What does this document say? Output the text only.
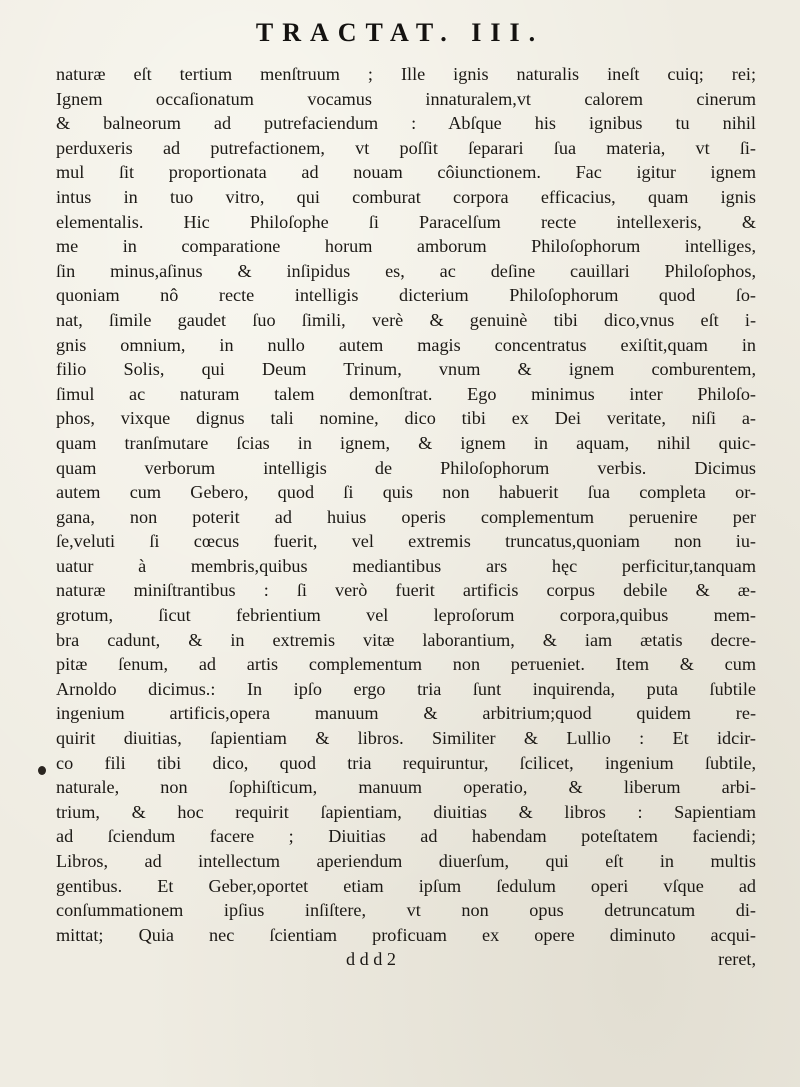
TRACTAT. III.
naturæ eſt tertium menſtruum ; Ille ignis naturalis ineſt cuiq; rei;
Ignem occaſionatum vocamus innaturalem,vt calorem cinerum
& balneorum ad putrefaciendum : Abſque his ignibus tu nihil
perduxeris ad putrefactionem, vt poſſit ſeparari ſua materia, vt ſi-
mul ſit proportionata ad nouam côiunctionem. Fac igitur ignem
intus in tuo vitro, qui comburat corpora efficacius, quam ignis
elementalis. Hic Philoſophe ſi Paracelſum recte intellexeris, &
me in comparatione horum amborum Philoſophorum intelliges,
ſin minus,aſinus & inſipidus es, ac deſine cauillari Philoſophos,
quoniam nô recte intelligis dicterium Philoſophorum quod ſo-
nat, ſimile gaudet ſuo ſimili, verè & genuinè tibi dico,vnus eſt i-
gnis omnium, in nullo autem magis concentratus exiſtit,quam in
filio Solis, qui Deum Trinum, vnum & ignem comburentem,
ſimul ac naturam talem demonſtrat. Ego minimus inter Philoſo-
phos, vixque dignus tali nomine, dico tibi ex Dei veritate, niſi a-
quam tranſmutare ſcias in ignem, & ignem in aquam, nihil quic-
quam verborum intelligis de Philoſophorum verbis. Dicimus
autem cum Gebero, quod ſi quis non habuerit ſua completa or-
gana, non poterit ad huius operis complementum peruenire per
ſe,veluti ſi cœcus fuerit, vel extremis truncatus,quoniam non iu-
uatur à membris,quibus mediantibus ars hęc perficitur,tanquam
naturæ miniſtrantibus : ſi verò fuerit artificis corpus debile & æ-
grotum, ſicut febrientium vel leproſorum corpora,quibus mem-
bra cadunt, & in extremis vitæ laborantium, & iam ætatis decre-
pitæ ſenum, ad artis complementum non peтueniet. Item & cum
Arnoldo dicimus.: In ipſo ergo tria ſunt inquirenda, puta ſubtile
ingenium artificis,opera manuum & arbitrium;quod quidem re-
quirit diuitias, ſapientiam & libros. Similiter & Lullio : Et idcir-
co fili tibi dico, quod tria requiruntur, ſcilicet, ingenium ſubtile,
naturale, non ſophiſticum, manuum operatio, & liberum arbi-
trium, & hoc requirit ſapientiam, diuitias & libros : Sapientiam
ad ſciendum facere ; Diuitias ad habendam poteſtatem faciendi;
Libros, ad intellectum aperiendum diuerſum, qui eſt in multis
gentibus. Et Geber,oportet etiam ipſum ſedulum operi vſque ad
conſummationem ipſius inſiſtere, vt non opus detruncatum di-
mittat; Quia nec ſcientiam proficuam ex opere diminuto acqui-
d d d 2	reret,
